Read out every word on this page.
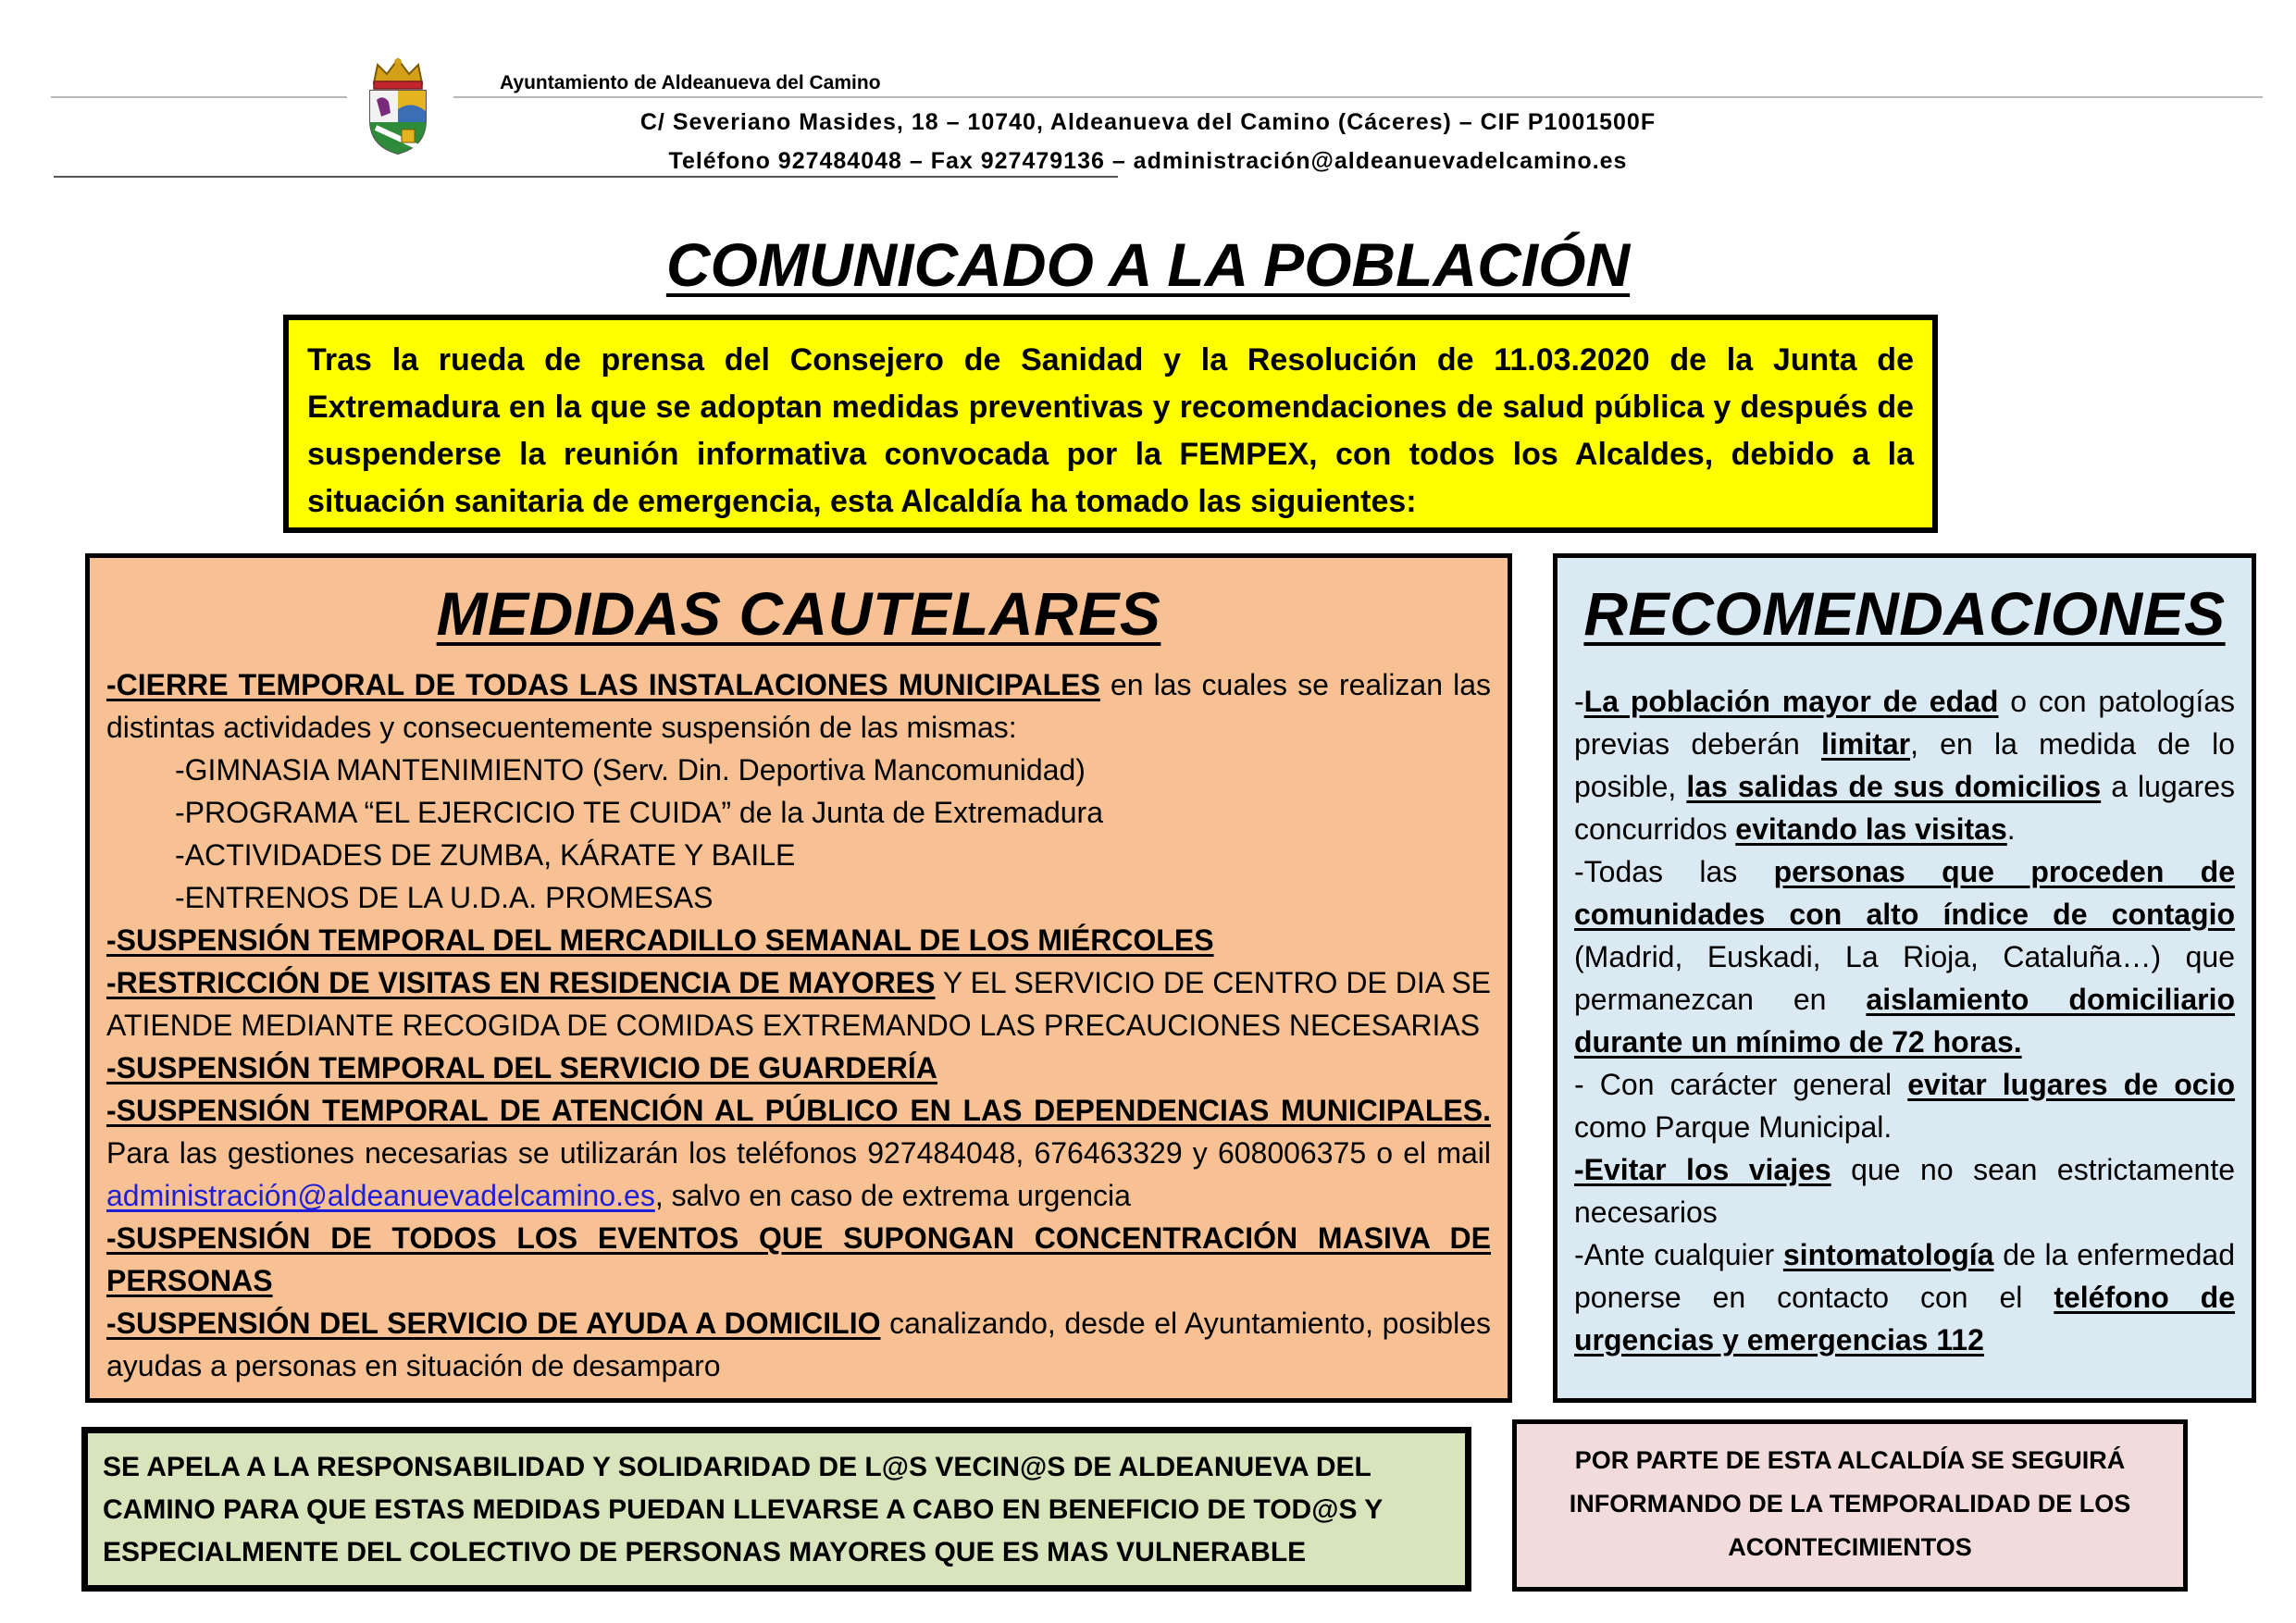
Ayuntamiento de Aldeanueva del Camino
C/ Severiano Masides, 18 – 10740, Aldeanueva del Camino (Cáceres) – CIF P1001500F
Teléfono 927484048 – Fax 927479136 – administración@aldeanuevadelcamino.es
COMUNICADO A LA POBLACIÓN

Tras la rueda de prensa del Consejero de Sanidad y la Resolución de 11.03.2020 de la Junta de Extremadura en la que se adoptan medidas preventivas y recomendaciones de salud pública y después de suspenderse la reunión informativa convocada por la FEMPEX, con todos los Alcaldes, debido a la situación sanitaria de emergencia, esta Alcaldía ha tomado las siguientes:

MEDIDAS CAUTELARES

-CIERRE TEMPORAL DE TODAS LAS INSTALACIONES MUNICIPALES en las cuales se realizan las distintas actividades y consecuentemente suspensión de las mismas:

-GIMNASIA MANTENIMIENTO (Serv. Din. Deportiva Mancomunidad)

-PROGRAMA “EL EJERCICIO TE CUIDA” de la Junta de Extremadura

-ACTIVIDADES DE ZUMBA, KÁRATE Y BAILE

-ENTRENOS DE LA U.D.A. PROMESAS

-SUSPENSIÓN TEMPORAL DEL MERCADILLO SEMANAL DE LOS MIÉRCOLES

-RESTRICCIÓN DE VISITAS EN RESIDENCIA DE MAYORES Y EL SERVICIO DE CENTRO DE DIA SE ATIENDE MEDIANTE RECOGIDA DE COMIDAS EXTREMANDO LAS PRECAUCIONES NECESARIAS

-SUSPENSIÓN TEMPORAL DEL SERVICIO DE GUARDERÍA

-SUSPENSIÓN TEMPORAL DE ATENCIÓN AL PÚBLICO EN LAS DEPENDENCIAS MUNICIPALES. Para las gestiones necesarias se utilizarán los teléfonos 927484048, 676463329 y 608006375 o el mail administración@aldeanuevadelcamino.es, salvo en caso de extrema urgencia

-SUSPENSIÓN DE TODOS LOS EVENTOS QUE SUPONGAN CONCENTRACIÓN MASIVA DE PERSONAS

-SUSPENSIÓN DEL SERVICIO DE AYUDA A DOMICILIO canalizando, desde el Ayuntamiento, posibles ayudas a personas en situación de desamparo

RECOMENDACIONES

-La población mayor de edad o con patologías previas deberán limitar, en la medida de lo posible, las salidas de sus domicilios a lugares concurridos evitando las visitas.

-Todas las personas que proceden de comunidades con alto índice de contagio (Madrid, Euskadi, La Rioja, Cataluña…) que permanezcan en aislamiento domiciliario durante un mínimo de 72 horas.

- Con carácter general evitar lugares de ocio como Parque Municipal.

-Evitar los viajes que no sean estrictamente necesarios

-Ante cualquier sintomatología de la enfermedad ponerse en contacto con el teléfono de urgencias y emergencias 112

SE APELA A LA RESPONSABILIDAD Y SOLIDARIDAD DE L@S VECIN@S DE ALDEANUEVA DEL CAMINO PARA QUE ESTAS MEDIDAS PUEDAN LLEVARSE A CABO EN BENEFICIO DE TOD@S Y ESPECIALMENTE DEL COLECTIVO DE PERSONAS MAYORES QUE ES MAS VULNERABLE

POR PARTE DE ESTA ALCALDÍA SE SEGUIRÁ INFORMANDO DE LA TEMPORALIDAD DE LOS ACONTECIMIENTOS
